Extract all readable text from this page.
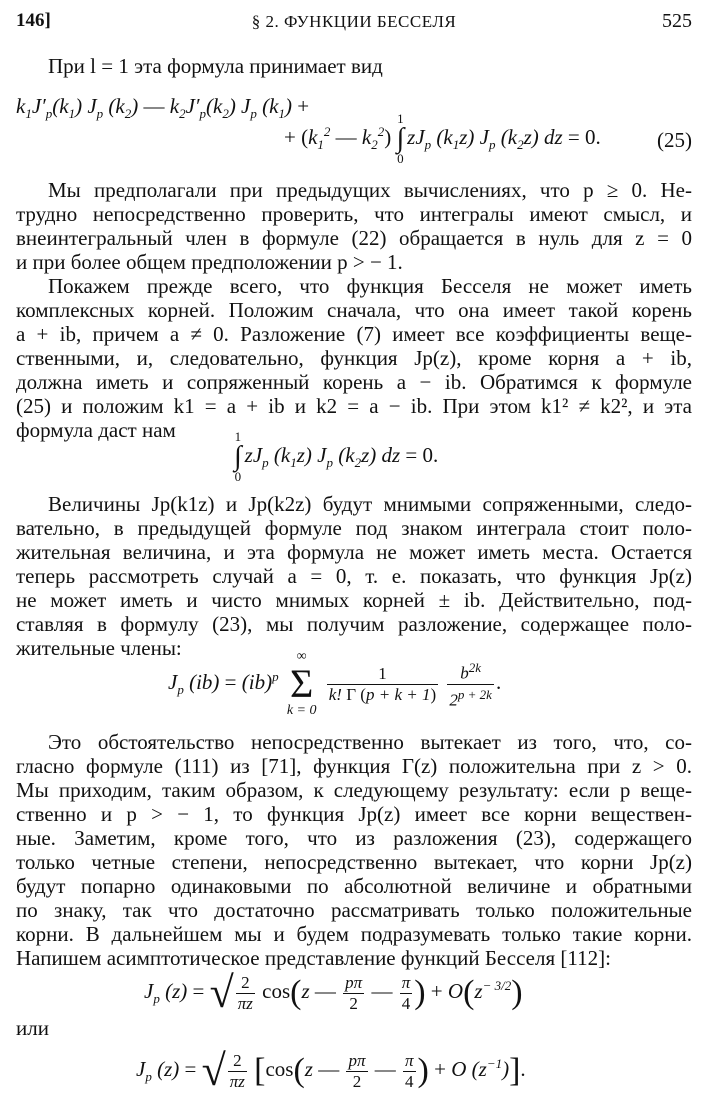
146]	§ 2. ФУНКЦИИ БЕССЕЛЯ	525
При l = 1 эта формула принимает вид
$k_1J'_p(k_1)$ $J_p$ $(k_2)$ — $k_2J'_p(k_2)$ $J_p$ $(k_1)$ +
+ ($k_1^2$ — $k_2^2$)
1
∫
0
$zJ_p$ $(k_1z)$ $J_p$ $(k_2z)$ dz = 0.	(25)
Мы предполагали при предыдущих вычислениях, что p ≥ 0. Не-
трудно непосредственно проверить, что интегралы имеют смысл, и
внеинтегральный член в формуле (22) обращается в нуль для z = 0
и при более общем предположении p > − 1.
Покажем прежде всего, что функция Бесселя не может иметь
комплексных корней. Положим сначала, что она имеет такой корень
a + ib, причем a ≠ 0. Разложение (7) имеет все коэффициенты веще-
ственными, и, следовательно, функция Jp(z), кроме корня a + ib,
должна иметь и сопряженный корень a − ib. Обратимся к формуле
(25) и положим k1 = a + ib и k2 = a − ib. При этом k1² ≠ k2², и эта
формула даст нам	1
∫
0
$zJ_p$ $(k_1z)$ $J_p$ $(k_2z)$ dz = 0.
Величины Jp(k1z) и Jp(k2z) будут мнимыми сопряженными, следо-
вательно, в предыдущей формуле под знаком интеграла стоит поло-
жительная величина, и эта формула не может иметь места. Остается
теперь рассмотреть случай a = 0, т. е. показать, что функция Jp(z)
не может иметь и чисто мнимых корней ± ib. Действительно, под-
ставляя в формулу (23), мы получим разложение, содержащее поло-
жительные члены:
$J_p$ (ib) = (ib)$^p$
∞
Σ
k = 0

$\frac{1}{k! \Gamma (p + k + 1)}$
$\frac{b^{2k}}{2^{p + 2k}}$ .
Это обстоятельство непосредственно вытекает из того, что, со-
гласно формуле (111) из [71], функция Γ(z) положительна при z > 0.
Мы приходим, таким образом, к следующему результату: если p веще-
ственно и p > − 1, то функция Jp(z) имеет все корни веществен-
ные. Заметим, кроме того, что из разложения (23), содержащего
только четные степени, непосредственно вытекает, что корни Jp(z)
будут попарно одинаковыми по абсолютной величине и обратными
по знаку, так что достаточно рассматривать только положительные
корни. В дальнейшем мы и будем подразумевать только такие корни.
Напишем асимптотическое представление функций Бесселя [112]:
$J_p$ (z) = √ $\frac{2}{\pi z} \cos(z$ — $\frac{p\pi}{2}$ — $\frac{\pi}{4}$ ) + $O(z^{- 3/2})$
или
$J_p$ (z) = √ $\frac{2}{\pi z} [\cos(z$ — $\frac{p\pi}{2}$ — $\frac{\pi}{4}$ ) + O $(z^{-1})$].
